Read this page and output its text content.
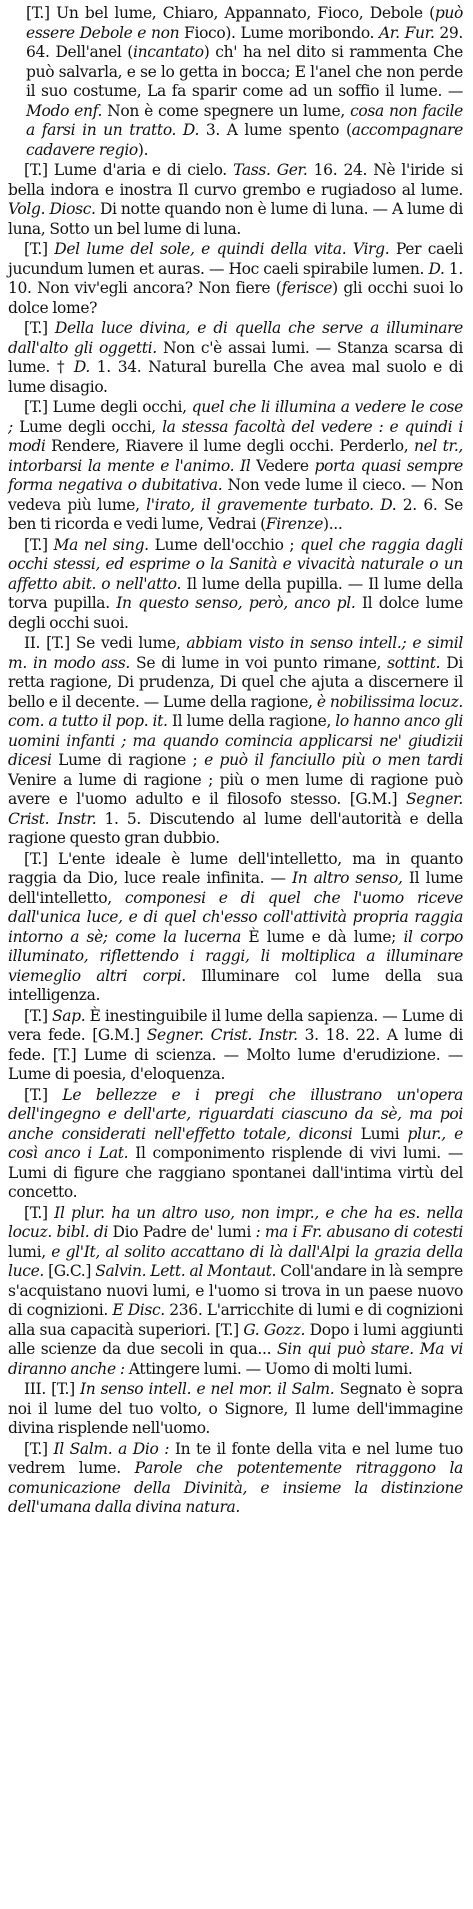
[T.] Un bel lume, Chiaro, Appannato, Fioco, Debole (può essere Debole e non Fioco). Lume moribondo. Ar. Fur. 29. 64. Dell'anel (incantato) ch' ha nel dito si rammenta Che può salvarla, e se lo getta in bocca; E l'anel che non perde il suo costume, La fa sparir come ad un soffio il lume. — Modo enf. Non è come spegnere un lume, cosa non facile a farsi in un tratto. D. 3. A lume spento (accompagnare cadavere regio).

[T.] Lume d'aria e di cielo. Tass. Ger. 16. 24. Nè l'iride si bella indora e inostra Il curvo grembo e rugiadoso al lume. Volg. Diosc. Di notte quando non è lume di luna. — A lume di luna, Sotto un bel lume di luna.

[T.] Del lume del sole, e quindi della vita. Virg. Per caeli jucundum lumen et auras. — Hoc caeli spirabile lumen. D. 1. 10. Non viv'egli ancora? Non fiere (ferisce) gli occhi suoi lo dolce lome?

[T.] Della luce divina, e di quella che serve a illuminare dall'alto gli oggetti. Non c'è assai lumi. — Stanza scarsa di lume. † D. 1. 34. Natural burella Che avea mal suolo e di lume disagio.

[T.] Lume degli occhi, quel che li illumina a vedere le cose ; Lume degli occhi, la stessa facoltà del vedere : e quindi i modi Rendere, Riavere il lume degli occhi. Perderlo, nel tr., intorbarsi la mente e l'animo. Il Vedere porta quasi sempre forma negativa o dubitativa. Non vede lume il cieco. — Non vedeva più lume, l'irato, il gravemente turbato. D. 2. 6. Se ben ti ricorda e vedi lume, Vedrai (Firenze)...

[T.] Ma nel sing. Lume dell'occhio ; quel che raggia dagli occhi stessi, ed esprime o la Sanità e vivacità naturale o un affetto abit. o nell'atto. Il lume della pupilla. — Il lume della torva pupilla. In questo senso, però, anco pl. Il dolce lume degli occhi suoi.

II. [T.] Se vedi lume, abbiam visto in senso intell.; e simil m. in modo ass. Se di lume in voi punto rimane, sottint. Di retta ragione, Di prudenza, Di quel che ajuta a discernere il bello e il decente. — Lume della ragione, è nobilissima locuz. com. a tutto il pop. it. Il lume della ragione, lo hanno anco gli uomini infanti ; ma quando comincia applicarsi ne' giudizii dicesi Lume di ragione ; e può il fanciullo più o men tardi Venire a lume di ragione ; più o men lume di ragione può avere e l'uomo adulto e il filosofo stesso. [G.M.] Segner. Crist. Instr. 1. 5. Discutendo al lume dell'autorità e della ragione questo gran dubbio.

[T.] L'ente ideale è lume dell'intelletto, ma in quanto raggia da Dio, luce reale infinita. — In altro senso, Il lume dell'intelletto, componesi e di quel che l'uomo riceve dall'unica luce, e di quel ch'esso coll'attività propria raggia intorno a sè; come la lucerna È lume e dà lume; il corpo illuminato, riflettendo i raggi, li moltiplica a illuminare viemeglio altri corpi. Illuminare col lume della sua intelligenza.

[T.] Sap. È inestinguibile il lume della sapienza. — Lume di vera fede. [G.M.] Segner. Crist. Instr. 3. 18. 22. A lume di fede. [T.] Lume di scienza. — Molto lume d'erudizione. — Lume di poesia, d'eloquenza.

[T.] Le bellezze e i pregi che illustrano un'opera dell'ingegno e dell'arte, riguardati ciascuno da sè, ma poi anche considerati nell'effetto totale, diconsi Lumi plur., e così anco i Lat. Il componimento risplende di vivi lumi. — Lumi di figure che raggiano spontanei dall'intima virtù del concetto.

[T.] Il plur. ha un altro uso, non impr., e che ha es. nella locuz. bibl. di Dio Padre de' lumi : ma i Fr. abusano di cotesti lumi, e gl'It, al solito accattano di là dall'Alpi la grazia della luce. [G.C.] Salvin. Lett. al Montaut. Coll'andare in là sempre s'acquistano nuovi lumi, e l'uomo si trova in un paese nuovo di cognizioni. E Disc. 236. L'arricchite di lumi e di cognizioni alla sua capacità superiori. [T.] G. Gozz. Dopo i lumi aggiunti alle scienze da due secoli in qua... Sin qui può stare. Ma vi diranno anche : Attingere lumi. — Uomo di molti lumi.

III. [T.] In senso intell. e nel mor. il Salm. Segnato è sopra noi il lume del tuo volto, o Signore, Il lume dell'immagine divina risplende nell'uomo.

[T.] Il Salm. a Dio : In te il fonte della vita e nel lume tuo vedrem lume. Parole che potentemente ritraggono la comunicazione della Divinità, e insieme la distinzione dell'umana dalla divina natura.
